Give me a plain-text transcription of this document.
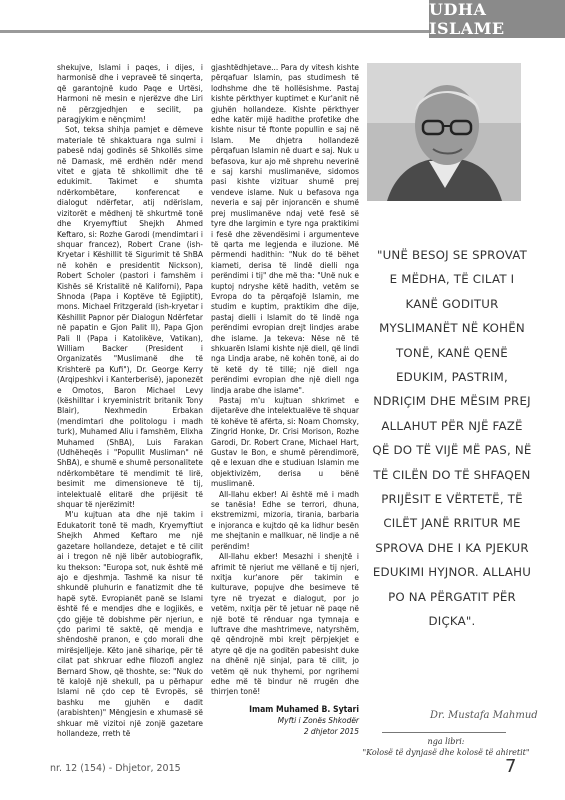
UDHA ISLAME

shekujve, Islami i paqes, i dijes, i harmonisë dhe i vepraveë të sinqerta, që garantojnë kudo Paqe e Urtësi, Harmoni në mesin e njerëzve dhe Liri në përzgjedhjen e secilit, pa paragjykim e nënçmim!

Sot, teksa shihja pamjet e dëmeve materiale të shkaktuara nga sulmi i pabesë ndaj godinës së Shkollës sime në Damask, më erdhën ndër mend vitet e gjata të shkollimit dhe të edukimit. Takimet e shumta ndërkombëtare, konferencat e dialogut ndërfetar, atij ndërislam, vizitorët e mëdhenj të shkurtmë tonë dhe Kryemyftiut Shejkh Ahmed Keftaro, si: Rozhe Garodi (mendimtari i shquar francez), Robert Crane (ish-Kryetar i Këshillit të Sigurimit të ShBA në kohën e presidentit Nickson), Robert Scholer (pastori i famshëm i Kishës së Kristalitë në Kaliforni), Papa Shnoda (Papa i Koptëve të Egjiptit), mons. Michael Fritzgerald (ish-kryetar i Këshillit Papnor për Dialogun Ndërfetar në papatin e Gjon Palit II), Papa Gjon Pali II (Papa i Katolikëve, Vatikan), William Backer (President i Organizatës "Muslimanë dhe të Krishterë pa Kufi"), Dr. George Kerry (Arqipeshkvi i Kanterberisë), japonezët e Omotos, Baron Michael Levy (këshilltar i kryeministrit britanik Tony Blair), Nexhmedin Erbakan (mendimtari dhe politologu i madh turk), Muhamed Aliu i famshëm, Elixha Muhamed (ShBA), Luis Farakan (Udhëheqës i "Popullit Musliman" në ShBA), e shumë e shumë personalitete ndërkombëtare të mendimit të lirë, besimit me dimensioneve të tij, intelektualë elitarë dhe prijësit të shquar të njerëzimit!

M'u kujtuan ata dhe një takim i Edukatorit tonë të madh, Kryemyftiut Shejkh Ahmed Keftaro me një gazetare hollandeze, detajet e të cilit ai i tregon në një libër autobiografik, ku thekson: "Europa sot, nuk është më ajo e djeshmja. Tashmë ka nisur të shkundë pluhurin e fanatizmit dhe të hapë sytë. Evropianët panë se Islami është fé e mendjes dhe e logjikës, e çdo gjëje të dobishme për njeriun, e çdo parimi të saktë, që mendja e shëndoshë pranon, e çdo morali dhe mirësjelljeje. Këto janë sihariqe, për të cilat pat shkruar edhe filozofi anglez Bernard Show, që thoshte, se: "Nuk do të kalojë një shekull, pa u përhapur Islami në çdo cep të Evropës, së bashku me gjuhën e dadit (arabishten)" Mëngjesin e xhumasë së shkuar më vizitoi një zonjë gazetare hollandeze, rreth të

gjashtëdhjetave... Para dy vitesh kishte përqafuar Islamin, pas studimesh të lodhshme dhe të hollësishme. Pastaj kishte përkthyer kuptimet e Kur'anit në gjuhën hollandeze. Kishte përkthyer edhe katër mijë hadithe profetike dhe kishte nisur të ftonte popullin e saj në Islam. Me dhjetra hollandezë përqafuan Islamin në duart e saj. Nuk u befasova, kur ajo më shprehu neverinë e saj karshi muslimanëve, sidomos pasi kishte vizituar shumë prej vendeve islame. Nuk u befasova nga neveria e saj për injorancën e shumë prej muslimanëve ndaj vetë fesë së tyre dhe largimin e tyre nga praktikimi i fesë dhe zëvendësimi i argumenteve të qarta me legjenda e iluzione. Më përmendi hadithin: "Nuk do të bëhet kiameti, derisa të lindë dielli nga perëndimi i tij" dhe më tha: "Unë nuk e kuptoj ndryshe këtë hadith, vetëm se Evropa do ta përqafojë Islamin, me studim e kuptim, praktikim dhe dije, pastaj dielli i Islamit do të lindë nga perëndimi evropian drejt lindjes arabe dhe islame. Ja tekeva: Nëse në të shkuarën Islami kishte një diell, që lindi nga Lindja arabe, në kohën tonë, ai do të ketë dy të tillë; një diell nga perëndimi evropian dhe një diell nga lindja arabe dhe islame".

Pastaj m'u kujtuan shkrimet e dijetarëve dhe intelektualëve të shquar të kohëve të afërta, si: Noam Chomsky, Zingrid Honke, Dr. Crisi Morison, Rozhe Garodi, Dr. Robert Crane, Michael Hart, Gustav le Bon, e shumë përendimorë, që e lexuan dhe e studiuan Islamin me objektivizëm, derisa u bënë muslimanë.

All-llahu ekber! Ai është më i madh se tanësia! Edhe se terrori, dhuna, ekstremizmi, mizoria, tirania, barbaria e injoranca e kujtdo që ka lidhur besën me shejtanin e mallkuar, në lindje a në perëndim!

All-llahu ekber! Mesazhi i shenjtë i afrimit të njeriut me vëllanë e tij njeri, nxitja kur'anore për takimin e kulturave, popujve dhe besimeve të tyre në tryezat e dialogut, por jo vetëm, nxitja për të jetuar në paqe në një botë të rënduar nga tymnaja e luftrave dhe mashtrimeve, natyrshëm, që qëndrojnë mbi krejt përpjekjet e atyre që dje na goditën pabesisht duke na dhënë një sinjal, para të cilit, jo vetëm që nuk thyhemi, por ngrihemi edhe më të bindur në rrugën dhe thirrjen tonë!

Imam Muhamed B. Sytari
Myfti i Zonës Shkodër
2 dhjetor 2015
"UNË BESOJ SE SPROVAT E MËDHA, TË CILAT I KANË GODITUR MYSLIMANËT NË KOHËN TONË, KANË QENË EDUKIM, PASTRIM, NDRIÇIM DHE MËSIM PREJ ALLAHUT PËR NJË FAZË QË DO TË VIJË MË PAS, NË TË CILËN DO TË SHFAQEN PRIJËSIT E VËRTETË, TË CILËT JANË RRITUR ME SPROVA DHE I KA PJEKUR EDUKIMI HYJNOR. ALLAHU PO NA PËRGATIT PËR DIÇKA".
Dr. Mustafa Mahmud
nga libri:
"Kolosë të dynjasë dhe kolosë të ahiretit"
nr. 12 (154) - Dhjetor, 2015	7
